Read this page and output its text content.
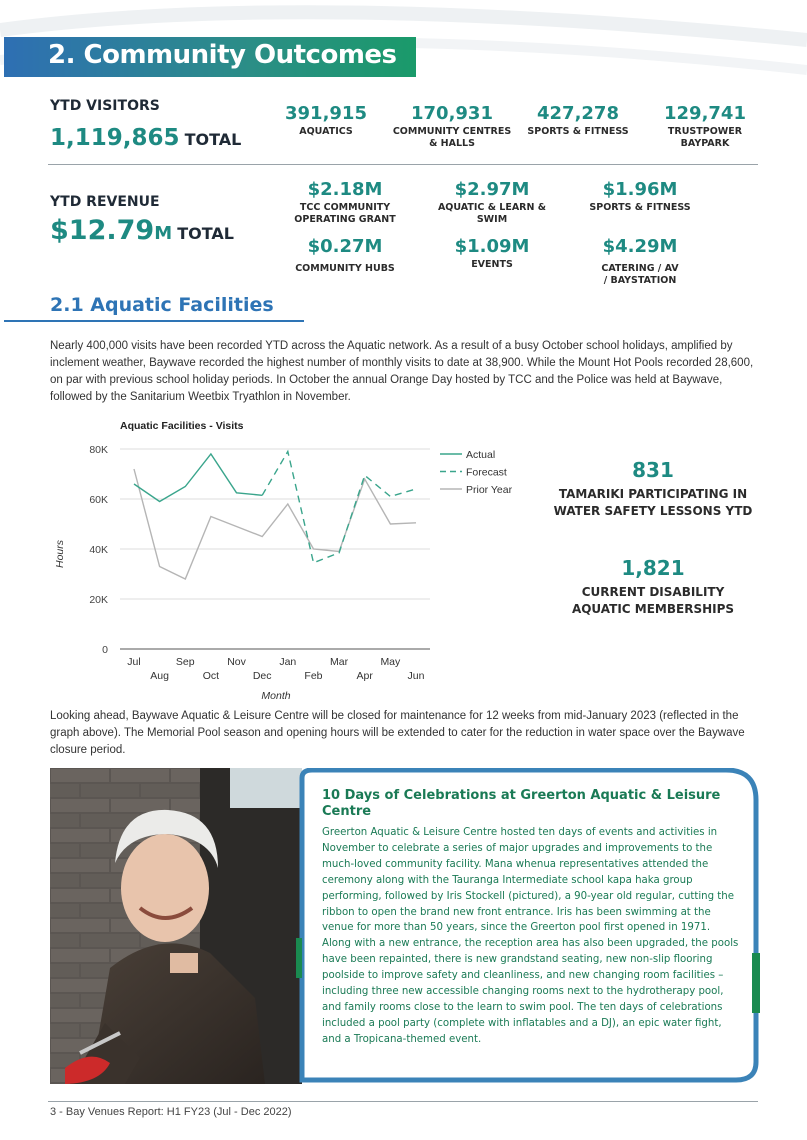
2. Community Outcomes
YTD VISITORS
1,119,865 TOTAL
391,915
AQUATICS
170,931
COMMUNITY CENTRES & HALLS
427,278
SPORTS & FITNESS
129,741
TRUSTPOWER BAYPARK
YTD REVENUE
$12.79M TOTAL
$2.18M
TCC COMMUNITY OPERATING GRANT
$2.97M
AQUATIC & LEARN & SWIM
$1.96M
SPORTS & FITNESS
$0.27M
COMMUNITY HUBS
$1.09M
EVENTS
$4.29M
CATERING / AV / BAYSTATION
2.1 Aquatic Facilities
Nearly 400,000 visits have been recorded YTD across the Aquatic network. As a result of a busy October school holidays, amplified by inclement weather, Baywave recorded the highest number of monthly visits to date at 38,900. While the Mount Hot Pools recorded 28,600, on par with previous school holiday periods. In October the annual Orange Day hosted by TCC and the Police was held at Baywave, followed by the Sanitarium Weetbix Tryathlon in November.
Aquatic Facilities - Visits
0
20K
40K
60K
80K
Jul
Aug
Sep
Oct
Nov
Dec
Jan
Feb
Mar
Apr
May
Jun
Actual
Forecast
Prior Year
Hours
Month
831
TAMARIKI PARTICIPATING IN WATER SAFETY LESSONS YTD
1,821
CURRENT DISABILITY AQUATIC MEMBERSHIPS
Looking ahead, Baywave Aquatic & Leisure Centre will be closed for maintenance for 12 weeks from mid-January 2023 (reflected in the graph above). The Memorial Pool season and opening hours will be extended to cater for the reduction in water space over the Baywave closure period.
10 Days of Celebrations at Greerton Aquatic & Leisure Centre
Greerton Aquatic & Leisure Centre hosted ten days of events and activities in November to celebrate a series of major upgrades and improvements to the much-loved community facility. Mana whenua representatives attended the ceremony along with the Tauranga Intermediate school kapa haka group performing, followed by Iris Stockell (pictured), a 90-year old regular, cutting the ribbon to open the brand new front entrance. Iris has been swimming at the venue for more than 50 years, since the Greerton pool first opened in 1971. Along with a new entrance, the reception area has also been upgraded, the pools have been repainted, there is new grandstand seating, new non-slip flooring poolside to improve safety and cleanliness, and new changing room facilities – including three new accessible changing rooms next to the hydrotherapy pool, and family rooms close to the learn to swim pool. The ten days of celebrations included a pool party (complete with inflatables and a DJ), an epic water fight, and a Tropicana-themed event.
3 - Bay Venues Report: H1 FY23 (Jul - Dec 2022)
